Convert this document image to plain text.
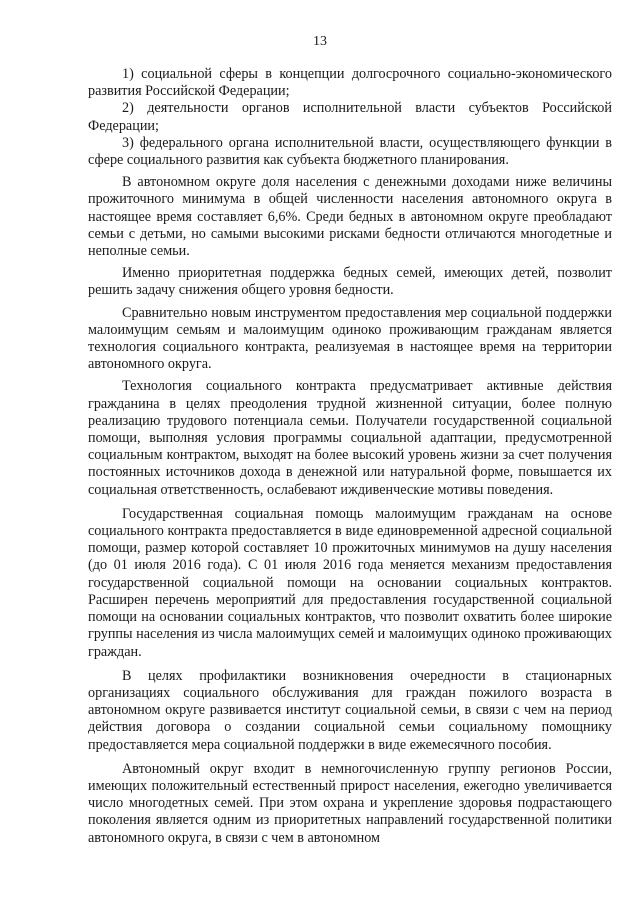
13

1) социальной сферы в концепции долгосрочного социально-экономического развития Российской Федерации;

2) деятельности органов исполнительной власти субъектов Российской Федерации;

3) федерального органа исполнительной власти, осуществляющего функции в сфере социального развития как субъекта бюджетного планирования.

В автономном округе доля населения с денежными доходами ниже величины прожиточного минимума в общей численности населения автономного округа в настоящее время составляет 6,6%. Среди бедных в автономном округе преобладают семьи с детьми, но самыми высокими рисками бедности отличаются многодетные и неполные семьи.

Именно приоритетная поддержка бедных семей, имеющих детей, позволит решить задачу снижения общего уровня бедности.

Сравнительно новым инструментом предоставления мер социальной поддержки малоимущим семьям и малоимущим одиноко проживающим гражданам является технология социального контракта, реализуемая в настоящее время на территории автономного округа.

Технология социального контракта предусматривает активные действия гражданина в целях преодоления трудной жизненной ситуации, более полную реализацию трудового потенциала семьи. Получатели государственной социальной помощи, выполняя условия программы социальной адаптации, предусмотренной социальным контрактом, выходят на более высокий уровень жизни за счет получения постоянных источников дохода в денежной или натуральной форме, повышается их социальная ответственность, ослабевают иждивенческие мотивы поведения.

Государственная социальная помощь малоимущим гражданам на основе социального контракта предоставляется в виде единовременной адресной социальной помощи, размер которой составляет 10 прожиточных минимумов на душу населения (до 01 июля 2016 года). С 01 июля 2016 года меняется механизм предоставления государственной социальной помощи на основании социальных контрактов. Расширен перечень мероприятий для предоставления государственной социальной помощи на основании социальных контрактов, что позволит охватить более широкие группы населения из числа малоимущих семей и малоимущих одиноко проживающих граждан.

В целях профилактики возникновения очередности в стационарных организациях социального обслуживания для граждан пожилого возраста в автономном округе развивается институт социальной семьи, в связи с чем на период действия договора о создании социальной семьи социальному помощнику предоставляется мера социальной поддержки в виде ежемесячного пособия.

Автономный округ входит в немногочисленную группу регионов России, имеющих положительный естественный прирост населения, ежегодно увеличивается число многодетных семей. При этом охрана и укрепление здоровья подрастающего поколения является одним из приоритетных направлений государственной политики автономного округа, в связи с чем в автономном
